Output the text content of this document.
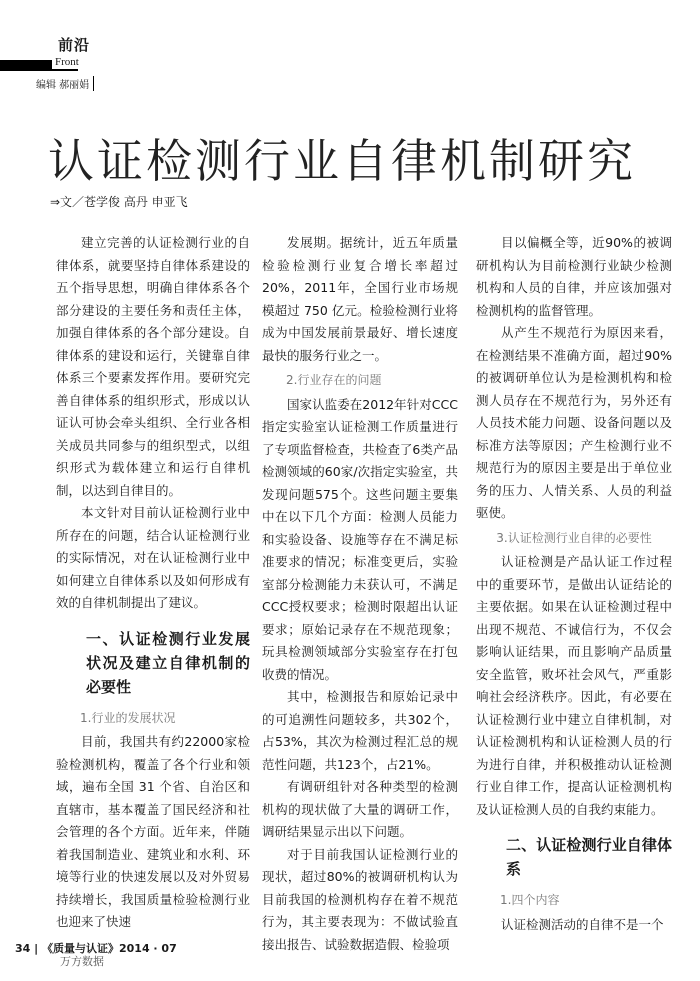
前沿
Front
编辑 郝丽娟
认证检测行业自律机制研究
⇒文／苍学俊 高丹 申亚飞

建立完善的认证检测行业的自律体系，就要坚持自律体系建设的五个指导思想，明确自律体系各个部分建设的主要任务和责任主体，加强自律体系的各个部分建设。自律体系的建设和运行，关键靠自律体系三个要素发挥作用。要研究完善自律体系的组织形式，形成以认证认可协会牵头组织、全行业各相关成员共同参与的组织型式，以组织形式为载体建立和运行自律机制，以达到自律目的。

本文针对目前认证检测行业中所存在的问题，结合认证检测行业的实际情况，对在认证检测行业中如何建立自律体系以及如何形成有效的自律机制提出了建议。

一、认证检测行业发展状况及建立自律机制的必要性
1.行业的发展状况

目前，我国共有约22000家检验检测机构，覆盖了各个行业和领域，遍布全国 31 个省、自治区和直辖市，基本覆盖了国民经济和社会管理的各个方面。近年来，伴随着我国制造业、建筑业和水利、环境等行业的快速发展以及对外贸易持续增长，我国质量检验检测行业也迎来了快速

发展期。据统计，近五年质量检验检测行业复合增长率超过 20%，2011年，全国行业市场规模超过 750 亿元。检验检测行业将成为中国发展前景最好、增长速度最快的服务行业之一。

2.行业存在的问题

国家认监委在2012年针对CCC指定实验室认证检测工作质量进行了专项监督检查，共检查了6类产品检测领域的60家/次指定实验室，共发现问题575个。这些问题主要集中在以下几个方面：检测人员能力和实验设备、设施等存在不满足标准要求的情况；标准变更后，实验室部分检测能力未获认可，不满足CCC授权要求；检测时限超出认证要求；原始记录存在不规范现象；玩具检测领域部分实验室存在打包收费的情况。

其中，检测报告和原始记录中的可追溯性问题较多，共302个，占53%，其次为检测过程汇总的规范性问题，共123个，占21%。

有调研组针对各种类型的检测机构的现状做了大量的调研工作，调研结果显示出以下问题。

对于目前我国认证检测行业的现状，超过80%的被调研机构认为目前我国的检测机构存在着不规范行为，其主要表现为：不做试验直接出报告、试验数据造假、检验项

目以偏概全等，近90%的被调研机构认为目前检测行业缺少检测机构和人员的自律，并应该加强对检测机构的监督管理。

从产生不规范行为原因来看，在检测结果不准确方面，超过90%的被调研单位认为是检测机构和检测人员存在不规范行为，另外还有人员技术能力问题、设备问题以及标准方法等原因；产生检测行业不规范行为的原因主要是出于单位业务的压力、人情关系、人员的利益驱使。

3.认证检测行业自律的必要性

认证检测是产品认证工作过程中的重要环节，是做出认证结论的主要依据。如果在认证检测过程中出现不规范、不诚信行为，不仅会影响认证结果，而且影响产品质量安全监管，败坏社会风气，严重影响社会经济秩序。因此，有必要在认证检测行业中建立自律机制，对认证检测机构和认证检测人员的行为进行自律，并积极推动认证检测行业自律工作，提高认证检测机构及认证检测人员的自我约束能力。

二、认证检测行业自律体系
1.四个内容

认证检测活动的自律不是一个

34 | 《质量与认证》2014 · 07
万方数据
